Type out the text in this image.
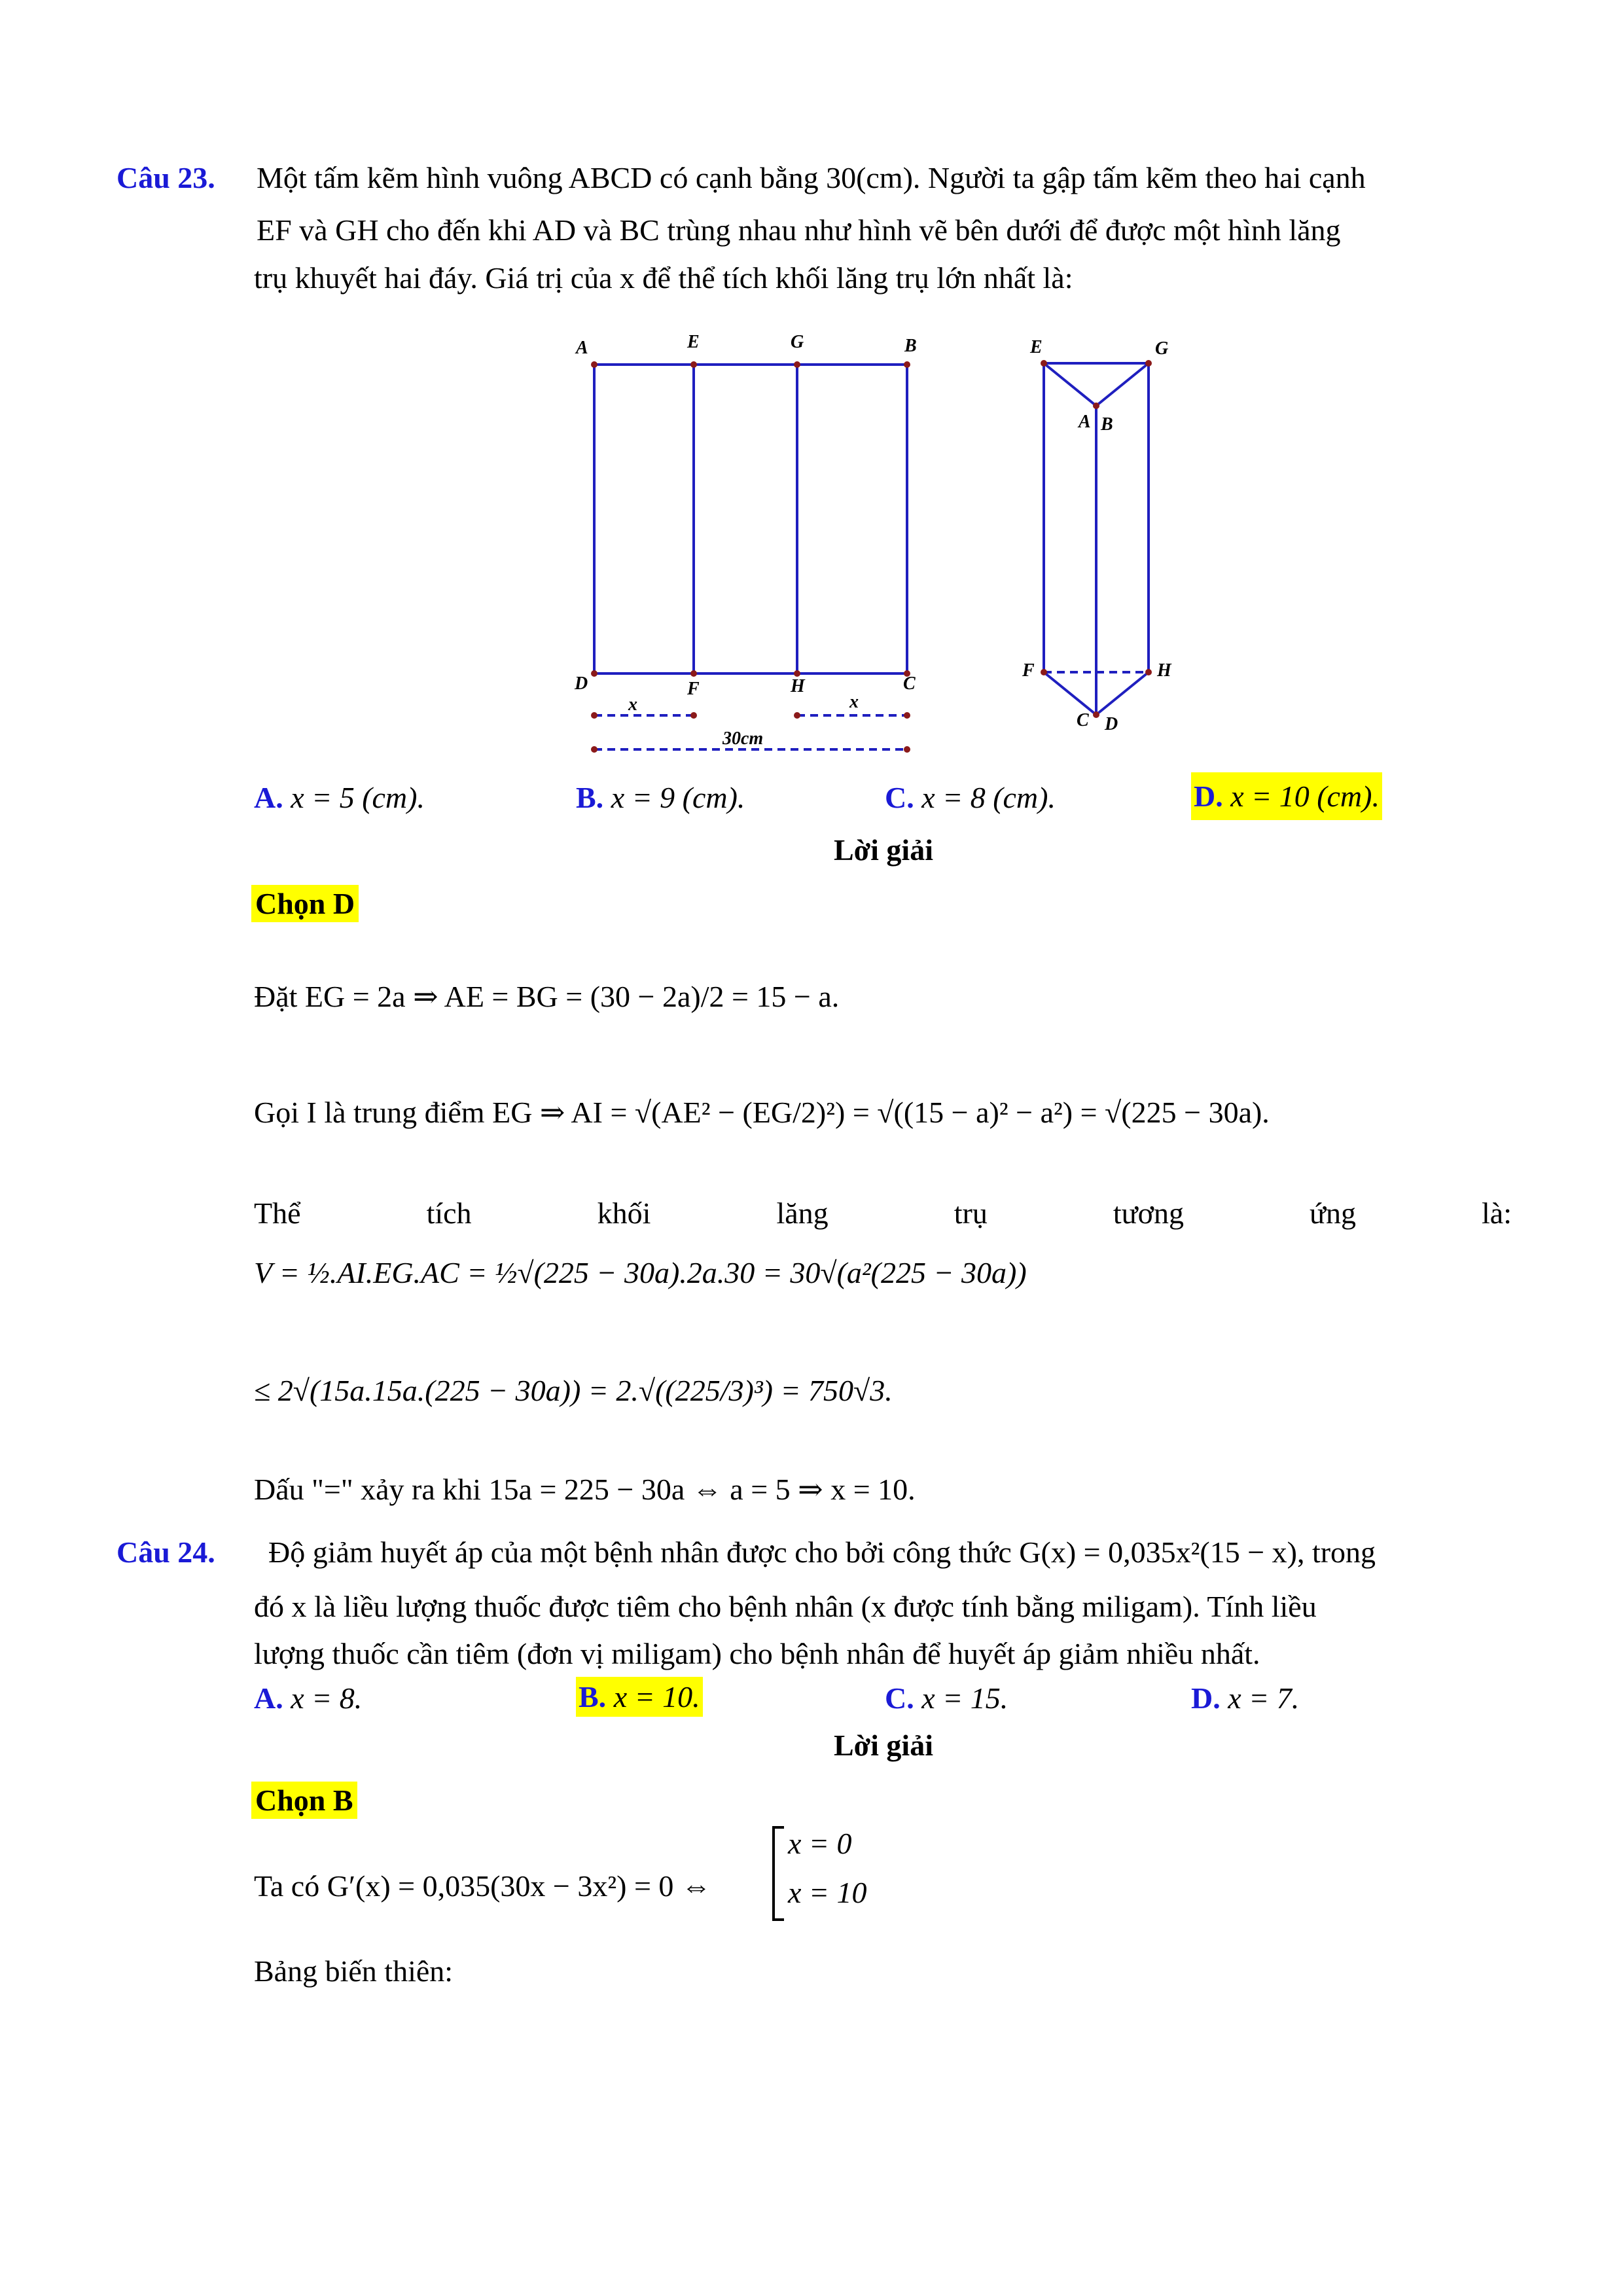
Câu 23. Một tấm kẽm hình vuông ABCD có cạnh bằng 30(cm). Người ta gập tấm kẽm theo hai cạnh
EF và GH cho đến khi AD và BC trùng nhau như hình vẽ bên dưới để được một hình lăng
trụ khuyết hai đáy. Giá trị của x để thể tích khối lăng trụ lớn nhất là:
A	E	G	B
D	F	H	C
x	x
30cm
E	G
A B
F	H
C D
A. x = 5 (cm).	B. x = 9 (cm).	C. x = 8 (cm).	D. x = 10 (cm).
Lời giải
Chọn D
Đặt EG = 2a ⇒ AE = BG = (30 − 2a)/2 = 15 − a.
Gọi I là trung điểm EG ⇒ AI = √(AE² − (EG/2)²) = √((15 − a)² − a²) = √(225 − 30a).
Thể	tích	khối	lăng	trụ	tương	ứng	là:
V = ½.AI.EG.AC = ½√(225 − 30a).2a.30 = 30√(a²(225 − 30a))
≤ 2√(15a.15a.(225 − 30a)) = 2.√((225/3)³) = 750√3.
Dấu "=" xảy ra khi 15a = 225 − 30a ⇔ a = 5 ⇒ x = 10.
Câu 24. Độ giảm huyết áp của một bệnh nhân được cho bởi công thức G(x) = 0,035x²(15 − x), trong
đó x là liều lượng thuốc được tiêm cho bệnh nhân (x được tính bằng miligam). Tính liều
lượng thuốc cần tiêm (đơn vị miligam) cho bệnh nhân để huyết áp giảm nhiều nhất.
A. x = 8.	B. x = 10.	C. x = 15.	D. x = 7.
Lời giải
Chọn B
Ta có G′(x) = 0,035(30x − 3x²) = 0 ⇔
x = 0
x = 10
Bảng biến thiên:
